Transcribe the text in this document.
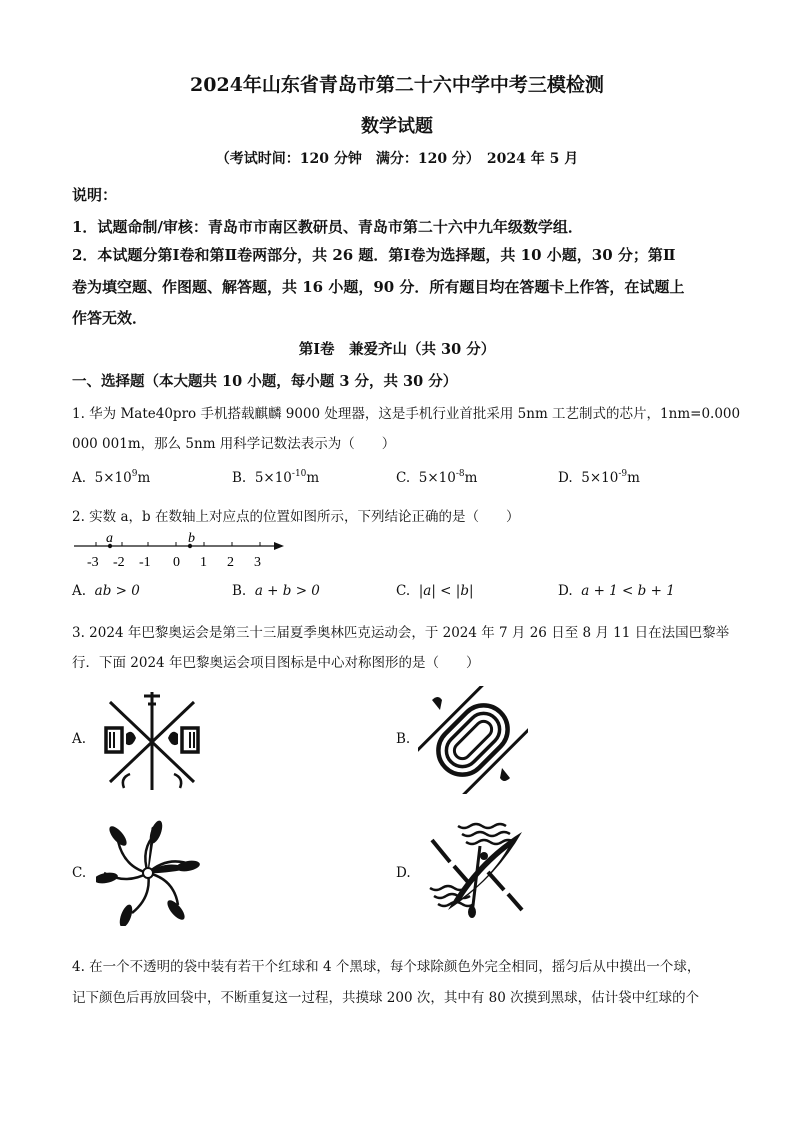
2024年山东省青岛市第二十六中学中考三模检测
数学试题
（考试时间：120 分钟　满分：120 分）　2024 年 5 月
说明：
1．试题命制/审核：青岛市市南区教研员、青岛市第二十六中九年级数学组．
2．本试题分第Ⅰ卷和第Ⅱ卷两部分，共 26 题．第Ⅰ卷为选择题，共 10 小题，30 分；第Ⅱ
卷为填空题、作图题、解答题，共 16 小题，90 分．所有题目均在答题卡上作答，在试题上
作答无效．
第Ⅰ卷　兼爱齐山（共 30 分）
一、选择题（本大题共 10 小题，每小题 3 分，共 30 分）
1. 华为 Mate40pro 手机搭载麒麟 9000 处理器，这是手机行业首批采用 5nm 工艺制式的芯片，1nm=0.000
000 001m，那么 5nm 用科学记数法表示为（　　）
A. $5\times 10^9m$	B. $5\times 10^{-10}m$	C. $5\times 10^{-8}m$	D. $5\times 10^{-9}m$
2. 实数 a，b 在数轴上对应点的位置如图所示，下列结论正确的是（　　）
a	b
-3 -2 -1 0 1 2 3
A. ab > 0	B. a + b > 0	C. |a| < |b|	D. a + 1 < b + 1
3. 2024 年巴黎奥运会是第三十三届夏季奥林匹克运动会，于 2024 年 7 月 26 日至 8 月 11 日在法国巴黎举
行．下面 2024 年巴黎奥运会项目图标是中心对称图形的是（　　）
A.	B.
C.	D.
4. 在一个不透明的袋中装有若干个红球和 4 个黑球，每个球除颜色外完全相同，摇匀后从中摸出一个球，
记下颜色后再放回袋中，不断重复这一过程，共摸球 200 次，其中有 80 次摸到黑球，估计袋中红球的个
